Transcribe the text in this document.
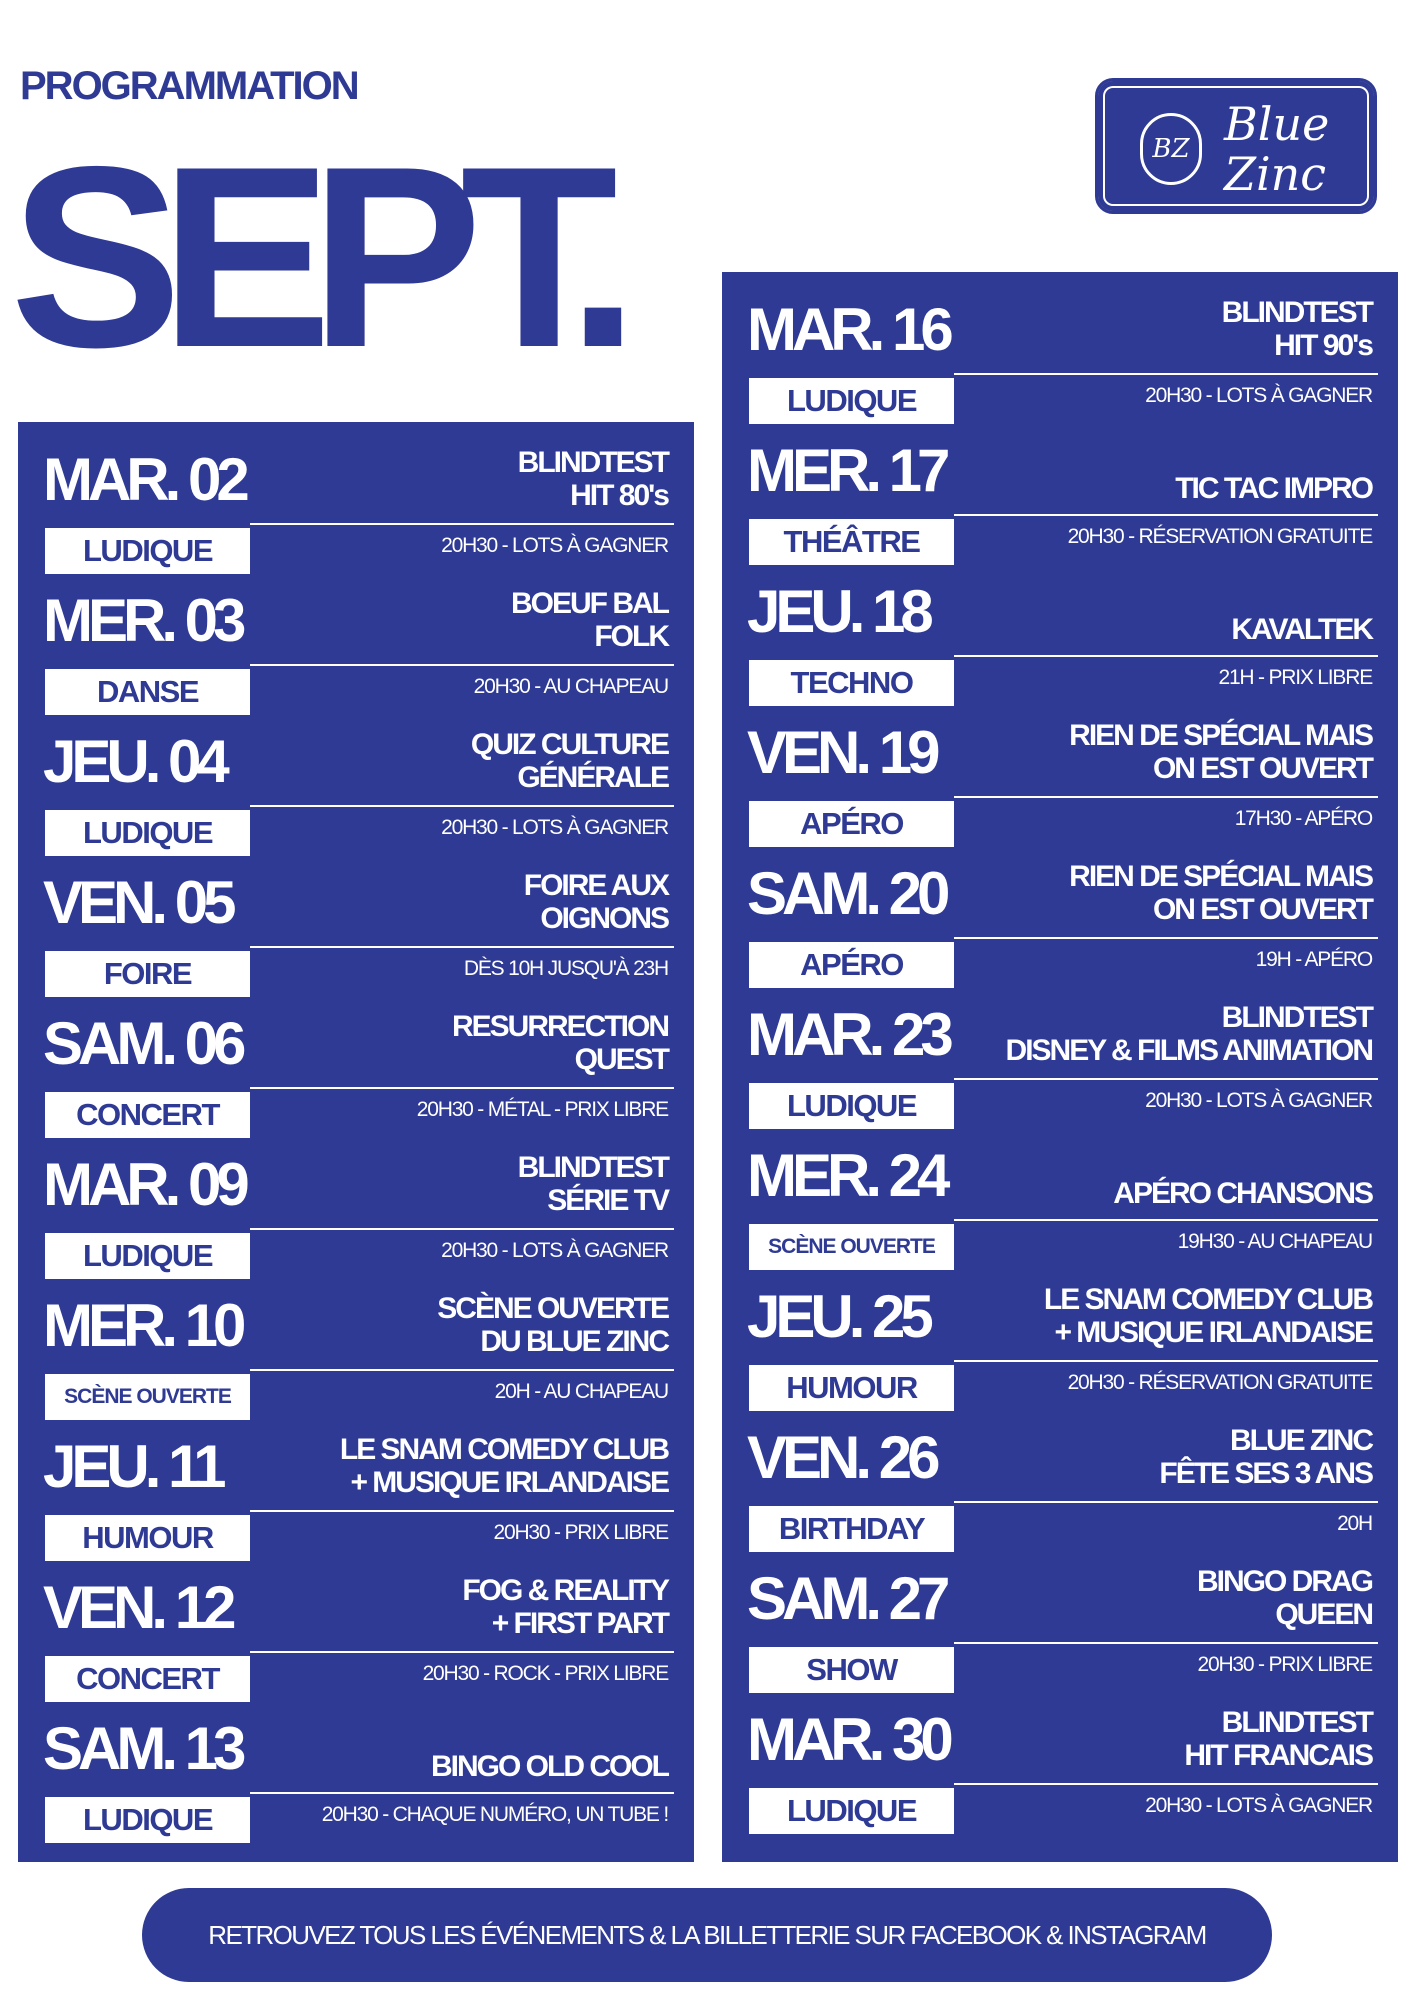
PROGRAMMATION
SEPT.	BZ Blue
Zinc
MAR. 02
LUDIQUE
BLINDTEST
HIT 80's
20H30 - LOTS À GAGNER
MER. 03
DANSE
BOEUF BAL
FOLK
20H30 - AU CHAPEAU
JEU. 04
LUDIQUE
QUIZ CULTURE
GÉNÉRALE
20H30 - LOTS À GAGNER
VEN. 05
FOIRE
FOIRE AUX
OIGNONS
DÈS 10H JUSQU'À 23H
SAM. 06
CONCERT
RESURRECTION
QUEST
20H30 - MÉTAL - PRIX LIBRE
MAR. 09
LUDIQUE
BLINDTEST
SÉRIE TV
20H30 - LOTS À GAGNER
MER. 10
SCÈNE OUVERTE
SCÈNE OUVERTE
DU BLUE ZINC
20H - AU CHAPEAU
JEU. 11
HUMOUR
LE SNAM COMEDY CLUB
+ MUSIQUE IRLANDAISE
20H30 - PRIX LIBRE
VEN. 12
CONCERT
FOG & REALITY
+ FIRST PART
20H30 - ROCK - PRIX LIBRE
SAM. 13
LUDIQUE
BINGO OLD COOL
20H30 - CHAQUE NUMÉRO, UN TUBE !
MAR. 16
LUDIQUE
BLINDTEST
HIT 90's
20H30 - LOTS À GAGNER
MER. 17
THÉÂTRE
TIC TAC IMPRO
20H30 - RÉSERVATION GRATUITE
JEU. 18
TECHNO
KAVALTEK
21H - PRIX LIBRE
VEN. 19
APÉRO
RIEN DE SPÉCIAL MAIS
ON EST OUVERT
17H30 - APÉRO
SAM. 20
APÉRO
RIEN DE SPÉCIAL MAIS
ON EST OUVERT
19H - APÉRO
MAR. 23
LUDIQUE
BLINDTEST
DISNEY & FILMS ANIMATION
20H30 - LOTS À GAGNER
MER. 24
SCÈNE OUVERTE
APÉRO CHANSONS
19H30 - AU CHAPEAU
JEU. 25
HUMOUR
LE SNAM COMEDY CLUB
+ MUSIQUE IRLANDAISE
20H30 - RÉSERVATION GRATUITE
VEN. 26
BIRTHDAY
BLUE ZINC
FÊTE SES 3 ANS
20H
SAM. 27
SHOW
BINGO DRAG
QUEEN
20H30 - PRIX LIBRE
MAR. 30
LUDIQUE
BLINDTEST
HIT FRANCAIS
20H30 - LOTS À GAGNER
RETROUVEZ TOUS LES ÉVÉNEMENTS & LA BILLETTERIE SUR FACEBOOK & INSTAGRAM
